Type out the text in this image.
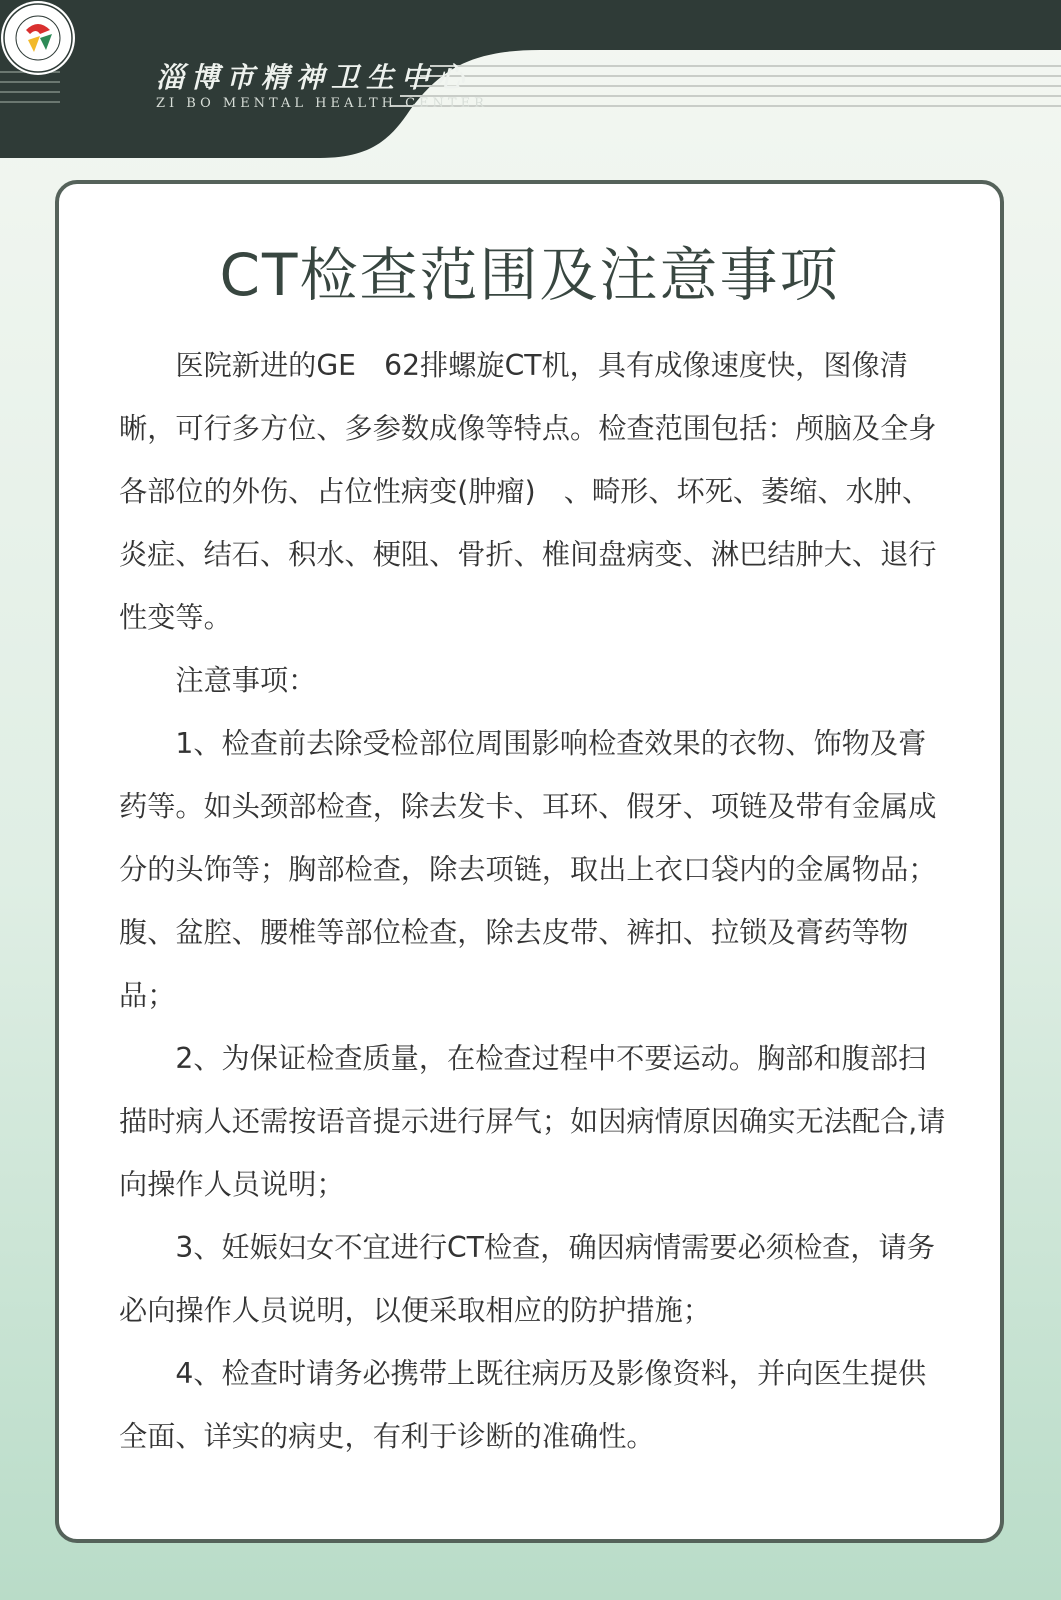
淄博市精神卫生中心
ZI BO MENTAL HEALTH CENTER
CT检查范围及注意事项

医院新进的GE　62排螺旋CT机，具有成像速度快，图像清晰，可行多方位、多参数成像等特点。检查范围包括：颅脑及全身各部位的外伤、占位性病变(肿瘤)　、畸形、坏死、萎缩、水肿、炎症、结石、积水、梗阻、骨折、椎间盘病变、淋巴结肿大、退行性变等。

注意事项：

1、检查前去除受检部位周围影响检查效果的衣物、饰物及膏药等。如头颈部检查，除去发卡、耳环、假牙、项链及带有金属成分的头饰等；胸部检查，除去项链，取出上衣口袋内的金属物品；腹、盆腔、腰椎等部位检查，除去皮带、裤扣、拉锁及膏药等物品；

2、为保证检查质量，在检查过程中不要运动。胸部和腹部扫描时病人还需按语音提示进行屏气；如因病情原因确实无法配合,请向操作人员说明；

3、妊娠妇女不宜进行CT检查，确因病情需要必须检查，请务必向操作人员说明，以便采取相应的防护措施；

4、检查时请务必携带上既往病历及影像资料，并向医生提供全面、详实的病史，有利于诊断的准确性。
